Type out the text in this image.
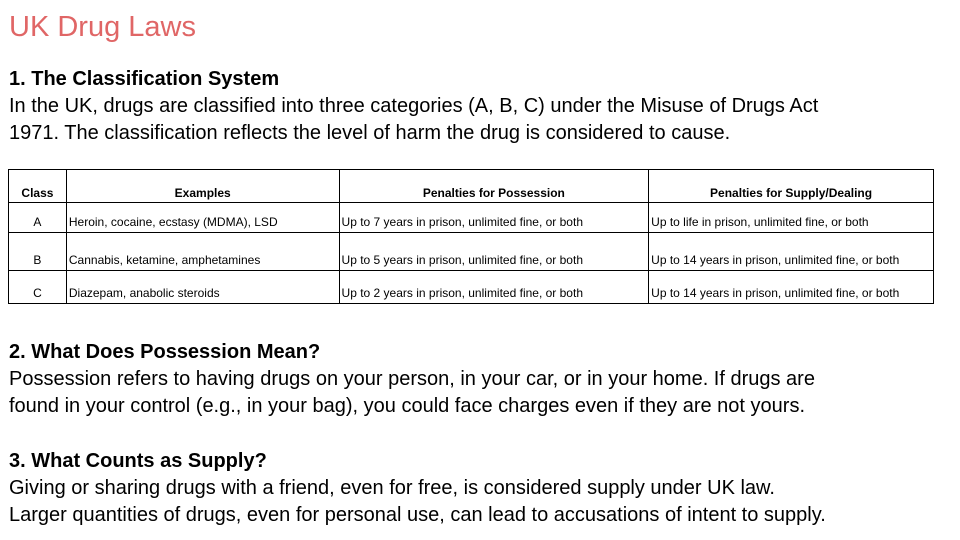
UK Drug Laws
1. The Classification System
In the UK, drugs are classified into three categories (A, B, C) under the Misuse of Drugs Act
1971. The classification reflects the level of harm the drug is considered to cause.
Class	Examples	Penalties for Possession	Penalties for Supply/Dealing
A	Heroin, cocaine, ecstasy (MDMA), LSD	Up to 7 years in prison, unlimited fine, or both	Up to life in prison, unlimited fine, or both
B	Cannabis, ketamine, amphetamines	Up to 5 years in prison, unlimited fine, or both	Up to 14 years in prison, unlimited fine, or both
C	Diazepam, anabolic steroids	Up to 2 years in prison, unlimited fine, or both	Up to 14 years in prison, unlimited fine, or both
2. What Does Possession Mean?
Possession refers to having drugs on your person, in your car, or in your home. If drugs are
found in your control (e.g., in your bag), you could face charges even if they are not yours.
3. What Counts as Supply?
Giving or sharing drugs with a friend, even for free, is considered supply under UK law.
Larger quantities of drugs, even for personal use, can lead to accusations of intent to supply.
